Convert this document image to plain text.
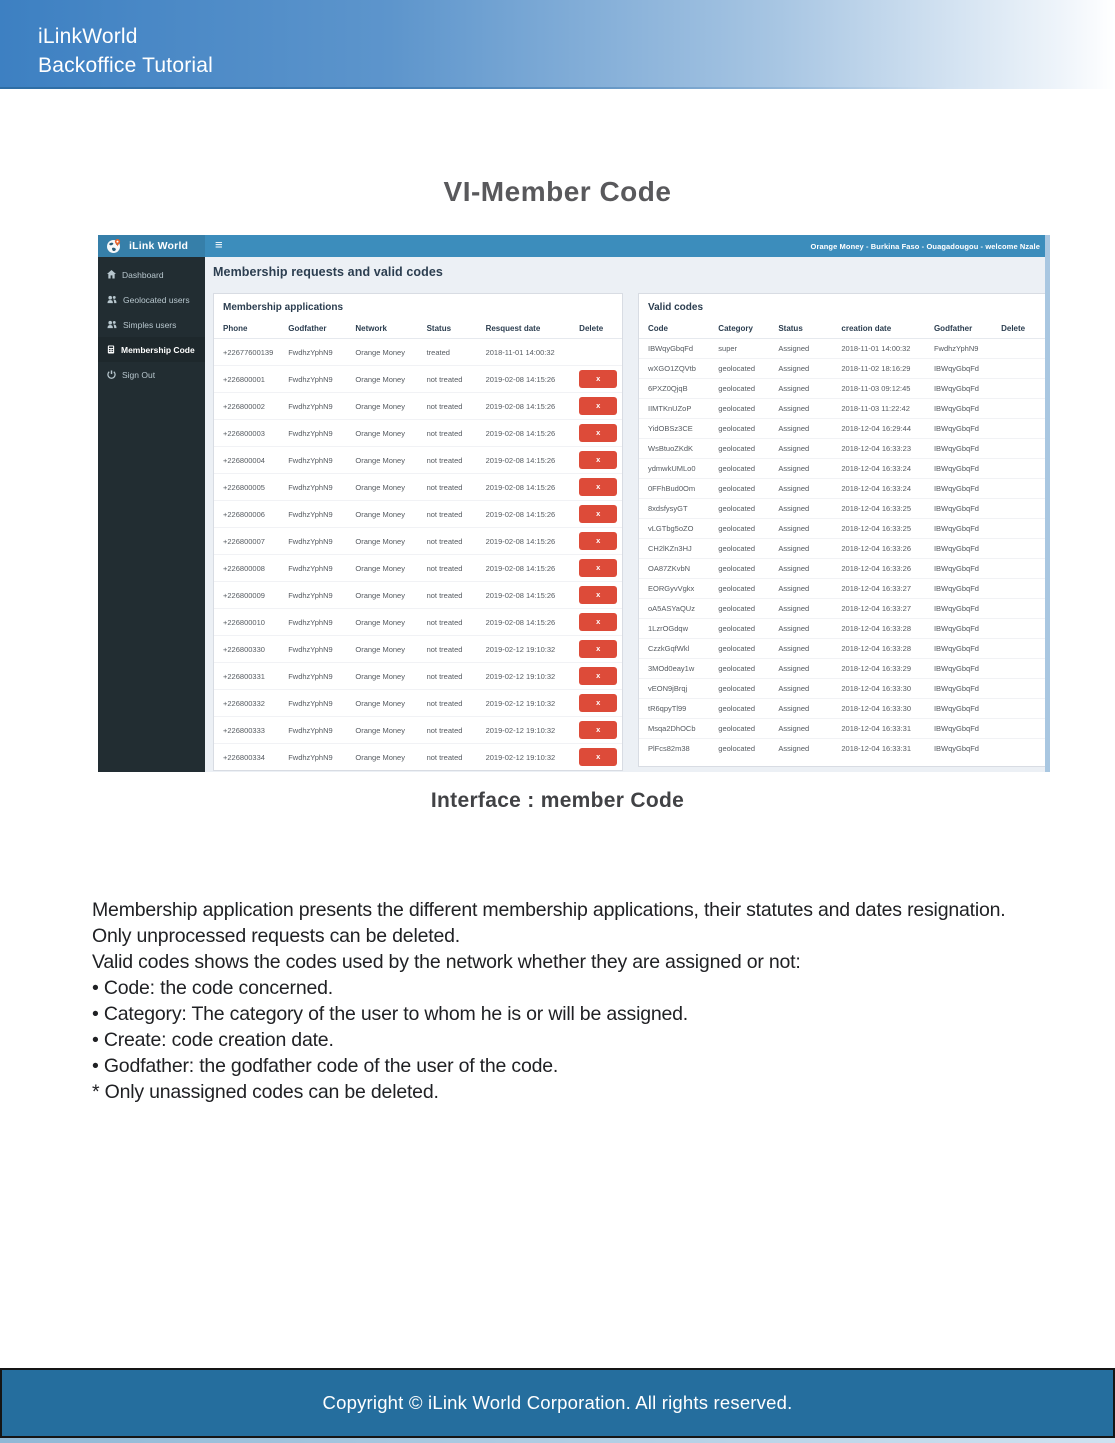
iLinkWorld
Backoffice Tutorial
VI-Member Code
iLink World ≡	Orange Money - Burkina Faso - Ouagadougou - welcome Nzale
Dashboard
Geolocated users
Simples users
Membership Code
Sign Out
Membership requests and valid codes
Membership applications
Phone	Godfather	Network	Status	Resquest date	Delete
+22677600139	FwdhzYphN9	Orange Money	treated	2018-11-01 14:00:32	
+226800001	FwdhzYphN9	Orange Money	not treated	2019-02-08 14:15:26	x
+226800002	FwdhzYphN9	Orange Money	not treated	2019-02-08 14:15:26	x
+226800003	FwdhzYphN9	Orange Money	not treated	2019-02-08 14:15:26	x
+226800004	FwdhzYphN9	Orange Money	not treated	2019-02-08 14:15:26	x
+226800005	FwdhzYphN9	Orange Money	not treated	2019-02-08 14:15:26	x
+226800006	FwdhzYphN9	Orange Money	not treated	2019-02-08 14:15:26	x
+226800007	FwdhzYphN9	Orange Money	not treated	2019-02-08 14:15:26	x
+226800008	FwdhzYphN9	Orange Money	not treated	2019-02-08 14:15:26	x
+226800009	FwdhzYphN9	Orange Money	not treated	2019-02-08 14:15:26	x
+226800010	FwdhzYphN9	Orange Money	not treated	2019-02-08 14:15:26	x
+226800330	FwdhzYphN9	Orange Money	not treated	2019-02-12 19:10:32	x
+226800331	FwdhzYphN9	Orange Money	not treated	2019-02-12 19:10:32	x
+226800332	FwdhzYphN9	Orange Money	not treated	2019-02-12 19:10:32	x
+226800333	FwdhzYphN9	Orange Money	not treated	2019-02-12 19:10:32	x
+226800334	FwdhzYphN9	Orange Money	not treated	2019-02-12 19:10:32	x
Valid codes
Code	Category	Status	creation date	Godfather	Delete
IBWqyGbqFd	super	Assigned	2018-11-01 14:00:32	FwdhzYphN9	
wXGO1ZQVtb	geolocated	Assigned	2018-11-02 18:16:29	IBWqyGbqFd	
6PXZ0QjqB	geolocated	Assigned	2018-11-03 09:12:45	IBWqyGbqFd	
IIMTKnUZoP	geolocated	Assigned	2018-11-03 11:22:42	IBWqyGbqFd	
YidOBSz3CE	geolocated	Assigned	2018-12-04 16:29:44	IBWqyGbqFd	
WsBtuoZKdK	geolocated	Assigned	2018-12-04 16:33:23	IBWqyGbqFd	
ydmwkUMLo0	geolocated	Assigned	2018-12-04 16:33:24	IBWqyGbqFd	
0FFhBud0Om	geolocated	Assigned	2018-12-04 16:33:24	IBWqyGbqFd	
8xdsfysyGT	geolocated	Assigned	2018-12-04 16:33:25	IBWqyGbqFd	
vLGTbg5oZO	geolocated	Assigned	2018-12-04 16:33:25	IBWqyGbqFd	
CH2lKZn3HJ	geolocated	Assigned	2018-12-04 16:33:26	IBWqyGbqFd	
OA87ZKvbN	geolocated	Assigned	2018-12-04 16:33:26	IBWqyGbqFd	
EORGyvVgkx	geolocated	Assigned	2018-12-04 16:33:27	IBWqyGbqFd	
oA5ASYaQUz	geolocated	Assigned	2018-12-04 16:33:27	IBWqyGbqFd	
1LzrOGdqw	geolocated	Assigned	2018-12-04 16:33:28	IBWqyGbqFd	
CzzkGqfWkl	geolocated	Assigned	2018-12-04 16:33:28	IBWqyGbqFd	
3MOd0eay1w	geolocated	Assigned	2018-12-04 16:33:29	IBWqyGbqFd	
vEON9jBrqj	geolocated	Assigned	2018-12-04 16:33:30	IBWqyGbqFd	
tR6qpyTl99	geolocated	Assigned	2018-12-04 16:33:30	IBWqyGbqFd	
Msqa2DhOCb	geolocated	Assigned	2018-12-04 16:33:31	IBWqyGbqFd	
PlFcs82m38	geolocated	Assigned	2018-12-04 16:33:31	IBWqyGbqFd	
Interface : member Code

Membership application presents the different membership applications, their statutes and dates resignation. Only unprocessed requests can be deleted.

Valid codes shows the codes used by the network whether they are assigned or not:

• Code: the code concerned.

• Category: The category of the user to whom he is or will be assigned.

• Create: code creation date.

• Godfather: the godfather code of the user of the code.

* Only unassigned codes can be deleted.

Copyright © iLink World Corporation. All rights reserved.
